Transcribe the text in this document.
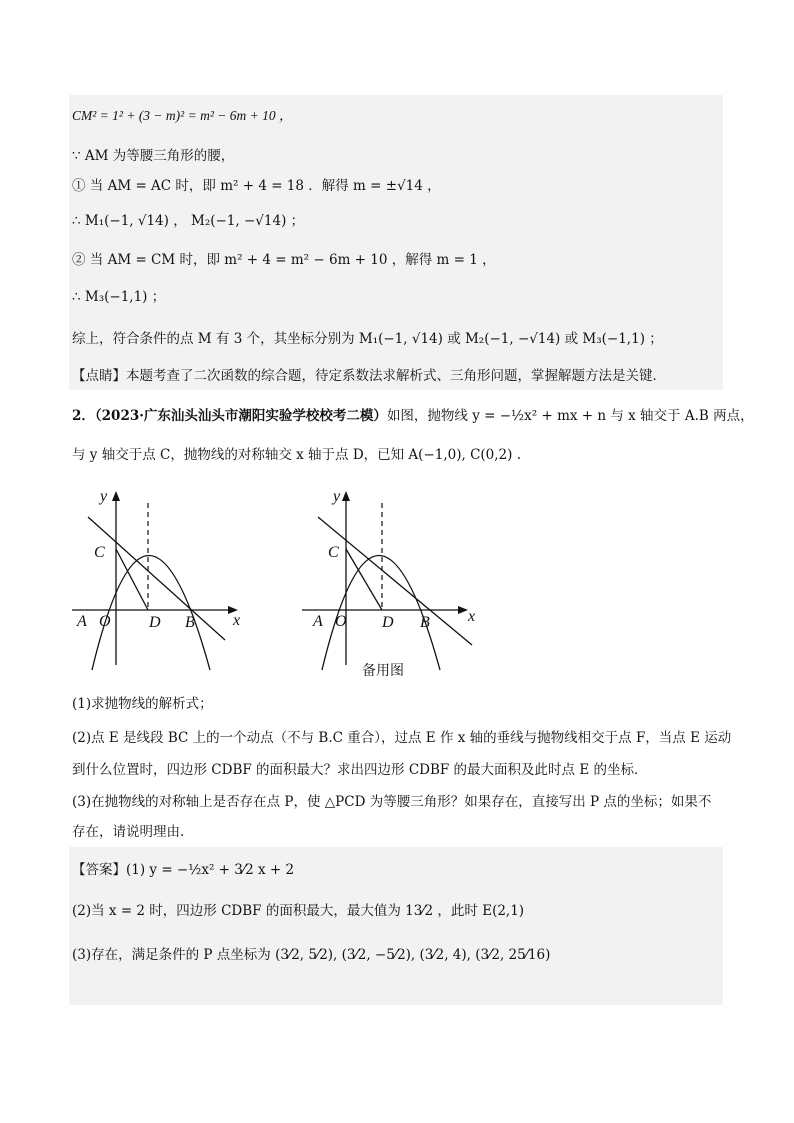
CM² = 1² + (3 − m)² = m² − 6m + 10 ，
∵ AM 为等腰三角形的腰，
① 当 AM = AC 时，即 m² + 4 = 18 ．解得 m = ±√14 ，
∴ M₁(−1, √14) ， M₂(−1, −√14) ；
② 当 AM = CM 时，即 m² + 4 = m² − 6m + 10 ，解得 m = 1 ，
∴ M₃(−1,1) ；
综上，符合条件的点 M 有 3 个，其坐标分别为 M₁(−1, √14) 或 M₂(−1, −√14) 或 M₃(−1,1) ；
【点睛】本题考查了二次函数的综合题，待定系数法求解析式、三角形问题，掌握解题方法是关键．
2．（2023·广东汕头汕头市潮阳实验学校校考二模）如图，抛物线 y = −½x² + mx + n 与 x 轴交于 A.B 两点，
与 y 轴交于点 C，抛物线的对称轴交 x 轴于点 D，已知 A(−1,0), C(0,2) .
y
x
C
A O D B
y
x
C
A O D B
备用图
(1)求抛物线的解析式；
(2)点 E 是线段 BC 上的一个动点（不与 B.C 重合），过点 E 作 x 轴的垂线与抛物线相交于点 F，当点 E 运动
到什么位置时，四边形 CDBF 的面积最大？求出四边形 CDBF 的最大面积及此时点 E 的坐标．
(3)在抛物线的对称轴上是否存在点 P，使 △PCD 为等腰三角形？如果存在，直接写出 P 点的坐标；如果不
存在，请说明理由．
【答案】(1) y = −½x² + 3⁄2 x + 2
(2)当 x = 2 时，四边形 CDBF 的面积最大，最大值为 13⁄2 ，此时 E(2,1)
(3)存在，满足条件的 P 点坐标为 (3⁄2, 5⁄2), (3⁄2, −5⁄2), (3⁄2, 4), (3⁄2, 25⁄16)
